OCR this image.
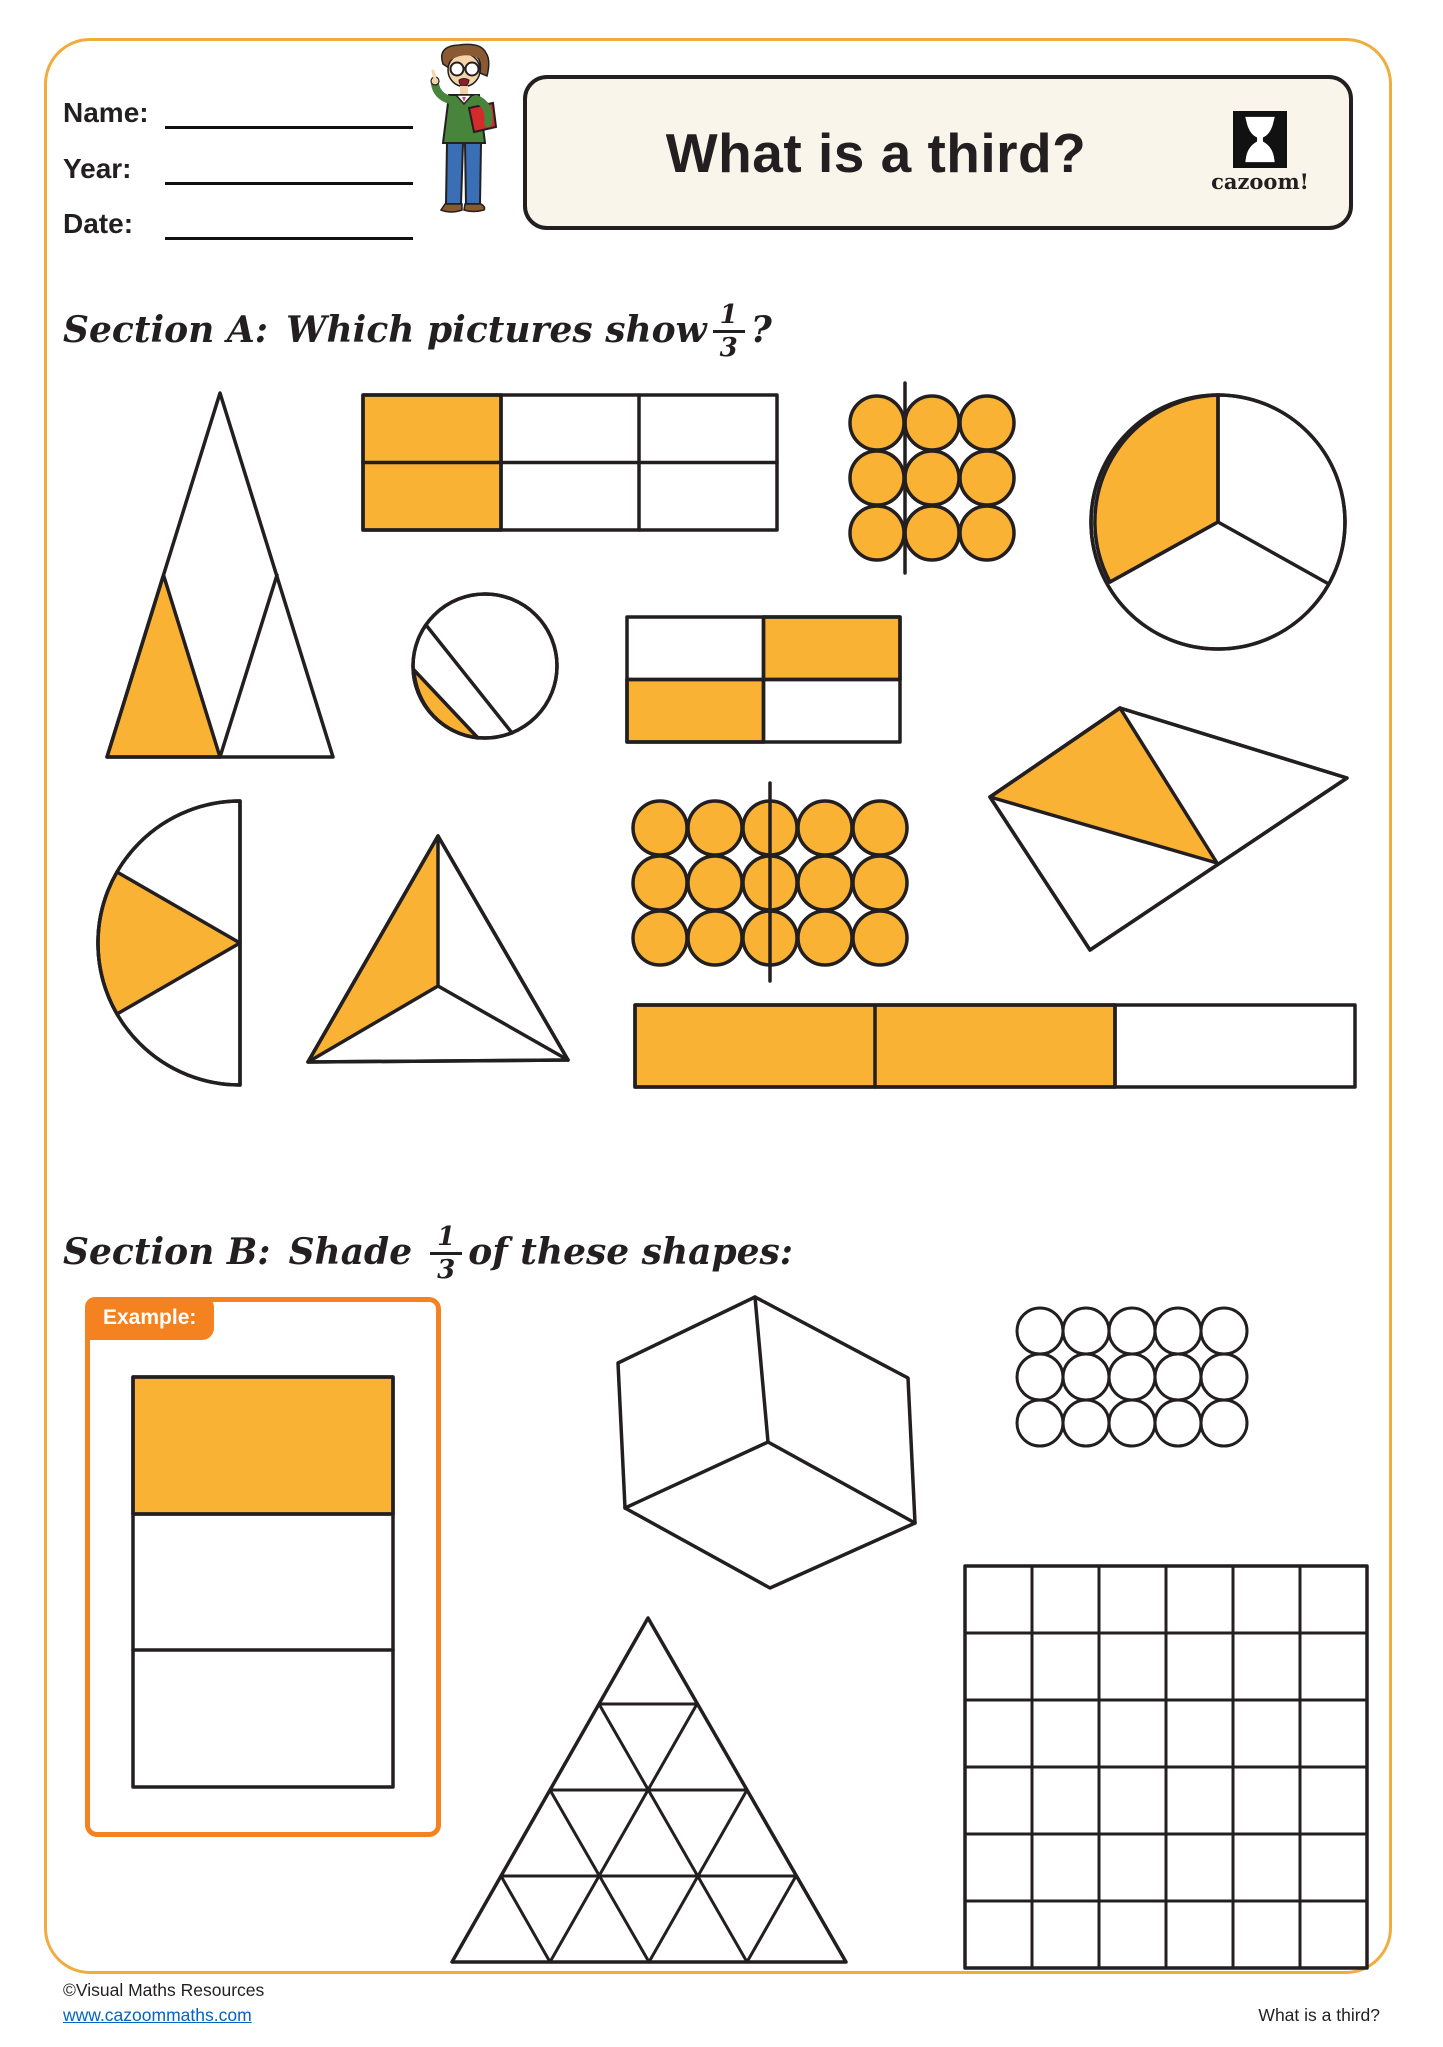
Name:
Year:
Date:
What is a third?	cazoom!
Section A: Which pictures show $\frac{1}{3}$ ?
Section B: Shade $\frac{1}{3}$ of these shapes:
Example:
©Visual Maths Resources
www.cazoommaths.com	What is a third?
